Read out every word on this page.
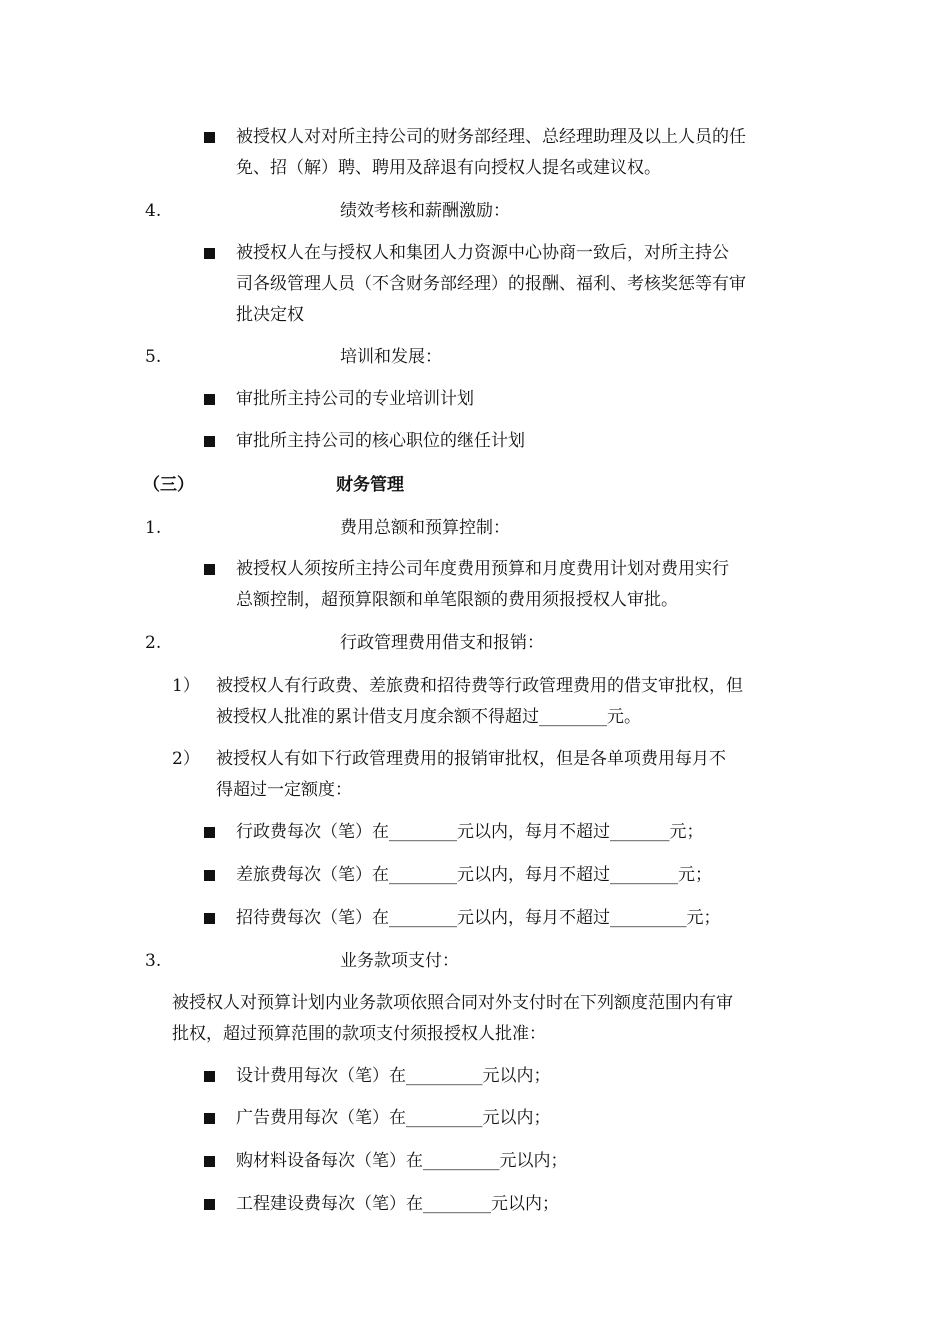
被授权人对对所主持公司的财务部经理、总经理助理及以上人员的任
免、招（解）聘、聘用及辞退有向授权人提名或建议权。
4.	绩效考核和薪酬激励：
被授权人在与授权人和集团人力资源中心协商一致后，对所主持公
司各级管理人员（不含财务部经理）的报酬、福利、考核奖惩等有审
批决定权
5.	培训和发展：
审批所主持公司的专业培训计划
审批所主持公司的核心职位的继任计划
（三）	财务管理
1.	费用总额和预算控制：
被授权人须按所主持公司年度费用预算和月度费用计划对费用实行
总额控制，超预算限额和单笔限额的费用须报授权人审批。
2.	行政管理费用借支和报销：
1） 被授权人有行政费、差旅费和招待费等行政管理费用的借支审批权，但
被授权人批准的累计借支月度余额不得超过________元。
2） 被授权人有如下行政管理费用的报销审批权，但是各单项费用每月不
得超过一定额度：
行政费每次（笔）在________元以内，每月不超过_______元；
差旅费每次（笔）在________元以内，每月不超过________元；
招待费每次（笔）在________元以内，每月不超过_________元；
3.	业务款项支付：
被授权人对预算计划内业务款项依照合同对外支付时在下列额度范围内有审
批权，超过预算范围的款项支付须报授权人批准：
设计费用每次（笔）在_________元以内；
广告费用每次（笔）在_________元以内；
购材料设备每次（笔）在_________元以内；
工程建设费每次（笔）在________元以内；
